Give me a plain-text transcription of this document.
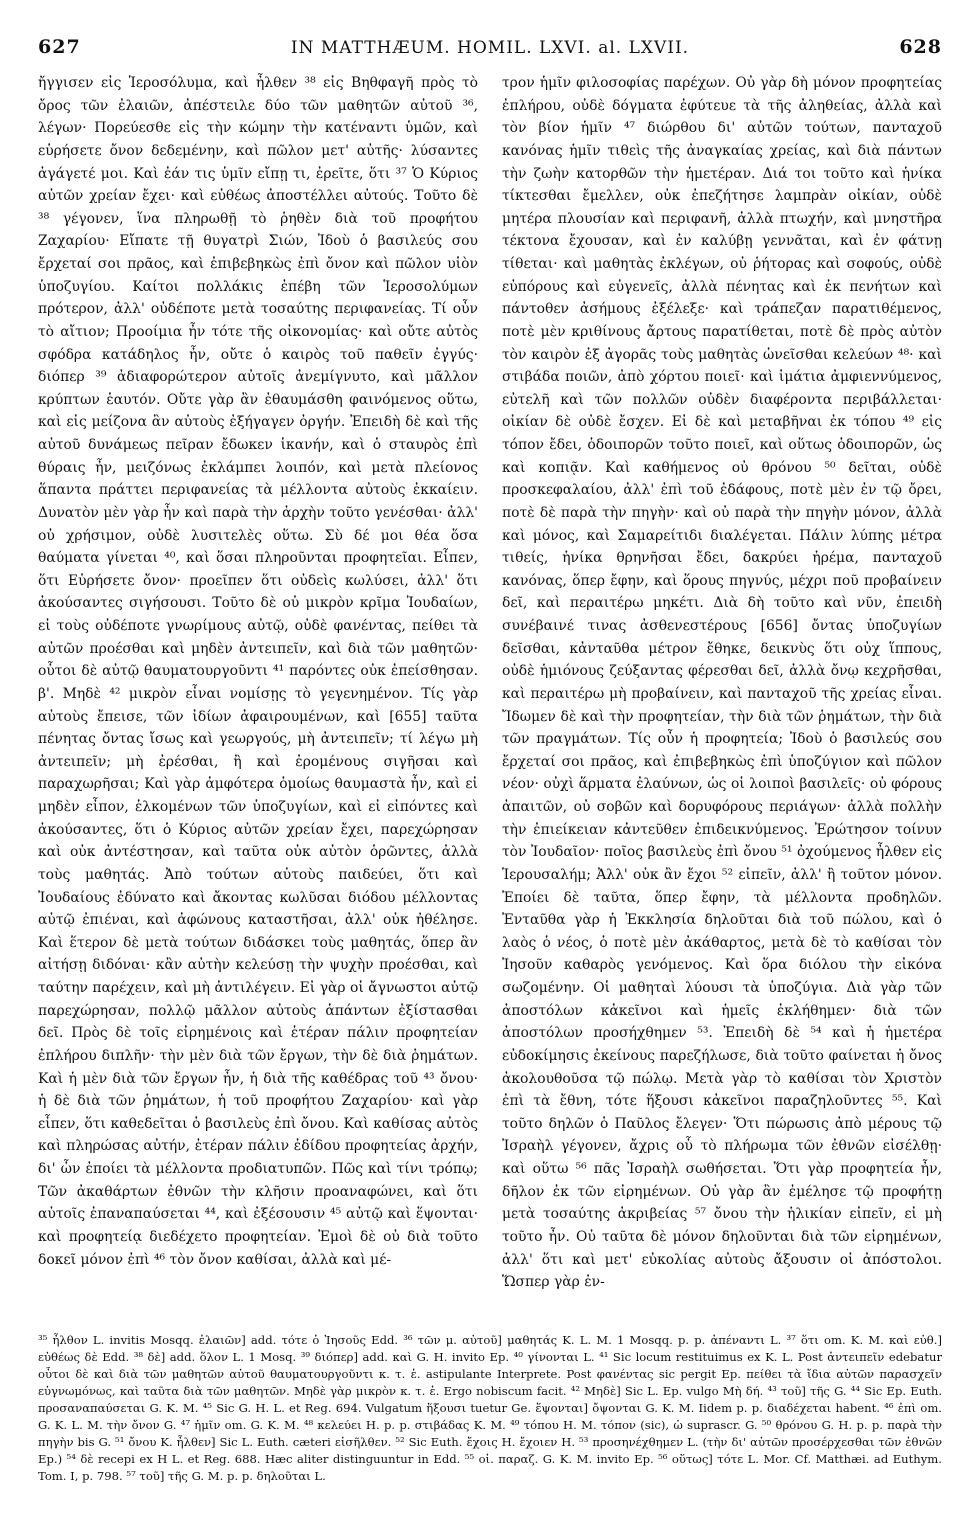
627	IN MATTHÆUM. HOMIL. LXVI. al. LXVII.	628

ἤγγισεν εἰς Ἱεροσόλυμα, καὶ ἦλθεν ³⁸ εἰς Βηθφαγῆ πρὸς τὸ ὄρος τῶν ἐλαιῶν, ἀπέστειλε δύο τῶν μαθητῶν αὐτοῦ ³⁶, λέγων· Πορεύεσθε εἰς τὴν κώμην τὴν κατέναντι ὑμῶν, καὶ εὑρήσετε ὄνον δεδεμένην, καὶ πῶλον μετ' αὐτῆς· λύσαντες ἀγάγετέ μοι. Καὶ ἐάν τις ὑμῖν εἴπῃ τι, ἐρεῖτε, ὅτι ³⁷ Ὁ Κύριος αὐτῶν χρείαν ἔχει· καὶ εὐθέως ἀποστέλλει αὐτούς. Τοῦτο δὲ ³⁸ γέγονεν, ἵνα πληρωθῇ τὸ ῥηθὲν διὰ τοῦ προφήτου Ζαχαρίου· Εἴπατε τῇ θυγατρὶ Σιών, Ἰδοὺ ὁ βασιλεύς σου ἔρχεταί σοι πρᾶος, καὶ ἐπιβεβηκὼς ἐπὶ ὄνον καὶ πῶλον υἱὸν ὑποζυγίου. Καίτοι πολλάκις ἐπέβη τῶν Ἱεροσολύμων πρότερον, ἀλλ' οὐδέποτε μετὰ τοσαύτης περιφανείας. Τί οὖν τὸ αἴτιον; Προοίμια ἦν τότε τῆς οἰκονομίας· καὶ οὔτε αὐτὸς σφόδρα κατάδηλος ἦν, οὔτε ὁ καιρὸς τοῦ παθεῖν ἐγγύς· διόπερ ³⁹ ἀδιαφορώτερον αὐτοῖς ἀνεμίγνυτο, καὶ μᾶλλον κρύπτων ἑαυτόν. Οὔτε γὰρ ἂν ἐθαυμάσθη φαινόμενος οὕτω, καὶ εἰς μείζονα ἂν αὐτοὺς ἐξήγαγεν ὀργήν. Ἐπειδὴ δὲ καὶ τῆς αὐτοῦ δυνάμεως πεῖραν ἔδωκεν ἱκανήν, καὶ ὁ σταυρὸς ἐπὶ θύραις ἦν, μειζόνως ἐκλάμπει λοιπόν, καὶ μετὰ πλείονος ἅπαντα πράττει περιφανείας τὰ μέλλοντα αὐτοὺς ἐκκαίειν. Δυνατὸν μὲν γὰρ ἦν καὶ παρὰ τὴν ἀρχὴν τοῦτο γενέσθαι· ἀλλ' οὐ χρήσιμον, οὐδὲ λυσιτελὲς οὕτω. Σὺ δέ μοι θέα ὅσα θαύματα γίνεται ⁴⁰, καὶ ὅσαι πληροῦνται προφητεῖαι. Εἶπεν, ὅτι Εὑρήσετε ὄνον· προεῖπεν ὅτι οὐδεὶς κωλύσει, ἀλλ' ὅτι ἀκούσαντες σιγήσουσι. Τοῦτο δὲ οὐ μικρὸν κρῖμα Ἰουδαίων, εἰ τοὺς οὐδέποτε γνωρίμους αὐτῷ, οὐδὲ φανέντας, πείθει τὰ αὐτῶν προέσθαι καὶ μηδὲν ἀντειπεῖν, καὶ διὰ τῶν μαθητῶν· οὗτοι δὲ αὐτῷ θαυματουργοῦντι ⁴¹ παρόντες οὐκ ἐπείσθησαν. β'. Μηδὲ ⁴² μικρὸν εἶναι νομίσῃς τὸ γεγενημένον. Τίς γὰρ αὐτοὺς ἔπεισε, τῶν ἰδίων ἀφαιρουμένων, καὶ [655] ταῦτα πένητας ὄντας ἴσως καὶ γεωργούς, μὴ ἀντειπεῖν; τί λέγω μὴ ἀντειπεῖν; μὴ ἐρέσθαι, ἢ καὶ ἐρομένους σιγῆσαι καὶ παραχωρῆσαι; Καὶ γὰρ ἀμφότερα ὁμοίως θαυμαστὰ ἦν, καὶ εἰ μηδὲν εἶπον, ἑλκομένων τῶν ὑποζυγίων, καὶ εἰ εἰπόντες καὶ ἀκούσαντες, ὅτι ὁ Κύριος αὐτῶν χρείαν ἔχει, παρεχώρησαν καὶ οὐκ ἀντέστησαν, καὶ ταῦτα οὐκ αὐτὸν ὁρῶντες, ἀλλὰ τοὺς μαθητάς. Ἀπὸ τούτων αὐτοὺς παιδεύει, ὅτι καὶ Ἰουδαίους ἐδύνατο καὶ ἄκοντας κωλῦσαι διόδου μέλλοντας αὐτῷ ἐπιέναι, καὶ ἀφώνους καταστῆσαι, ἀλλ' οὐκ ἠθέλησε. Καὶ ἕτερον δὲ μετὰ τούτων διδάσκει τοὺς μαθητάς, ὅπερ ἂν αἰτήσῃ διδόναι· κἂν αὐτὴν κελεύσῃ τὴν ψυχὴν προέσθαι, καὶ ταύτην παρέχειν, καὶ μὴ ἀντιλέγειν. Εἰ γὰρ οἱ ἄγνωστοι αὐτῷ παρεχώρησαν, πολλῷ μᾶλλον αὐτοὺς ἁπάντων ἐξίστασθαι δεῖ. Πρὸς δὲ τοῖς εἰρημένοις καὶ ἑτέραν πάλιν προφητείαν ἐπλήρου διπλῆν· τὴν μὲν διὰ τῶν ἔργων, τὴν δὲ διὰ ῥημάτων. Καὶ ἡ μὲν διὰ τῶν ἔργων ἦν, ἡ διὰ τῆς καθέδρας τοῦ ⁴³ ὄνου· ἡ δὲ διὰ τῶν ῥημάτων, ἡ τοῦ προφήτου Ζαχαρίου· καὶ γὰρ εἶπεν, ὅτι καθεδεῖται ὁ βασιλεὺς ἐπὶ ὄνου. Καὶ καθίσας αὐτὸς καὶ πληρώσας αὐτήν, ἑτέραν πάλιν ἐδίδου προφητείας ἀρχήν, δι' ὧν ἐποίει τὰ μέλλοντα προδιατυπῶν. Πῶς καὶ τίνι τρόπῳ; Τῶν ἀκαθάρτων ἐθνῶν τὴν κλῆσιν προαναφώνει, καὶ ὅτι αὐτοῖς ἐπαναπαύσεται ⁴⁴, καὶ ἐξέσουσιν ⁴⁵ αὐτῷ καὶ ἕψονται· καὶ προφητείᾳ διεδέχετο προφητείαν. Ἐμοὶ δὲ οὐ διὰ τοῦτο δοκεῖ μόνον ἐπὶ ⁴⁶ τὸν ὄνον καθίσαι, ἀλλὰ καὶ μέ-

τρον ἡμῖν φιλοσοφίας παρέχων. Οὐ γὰρ δὴ μόνον προφητείας ἐπλήρου, οὐδὲ δόγματα ἐφύτευε τὰ τῆς ἀληθείας, ἀλλὰ καὶ τὸν βίον ἡμῖν ⁴⁷ διώρθου δι' αὐτῶν τούτων, πανταχοῦ κανόνας ἡμῖν τιθεὶς τῆς ἀναγκαίας χρείας, καὶ διὰ πάντων τὴν ζωὴν κατορθῶν τὴν ἡμετέραν. Διά τοι τοῦτο καὶ ἡνίκα τίκτεσθαι ἔμελλεν, οὐκ ἐπεζήτησε λαμπρὰν οἰκίαν, οὐδὲ μητέρα πλουσίαν καὶ περιφανῆ, ἀλλὰ πτωχήν, καὶ μνηστῆρα τέκτονα ἔχουσαν, καὶ ἐν καλύβῃ γεννᾶται, καὶ ἐν φάτνῃ τίθεται· καὶ μαθητὰς ἐκλέγων, οὐ ῥήτορας καὶ σοφούς, οὐδὲ εὐπόρους καὶ εὐγενεῖς, ἀλλὰ πένητας καὶ ἐκ πενήτων καὶ πάντοθεν ἀσήμους ἐξέλεξε· καὶ τράπεζαν παρατιθέμενος, ποτὲ μὲν κριθίνους ἄρτους παρατίθεται, ποτὲ δὲ πρὸς αὐτὸν τὸν καιρὸν ἐξ ἀγορᾶς τοὺς μαθητὰς ὠνεῖσθαι κελεύων ⁴⁸· καὶ στιβάδα ποιῶν, ἀπὸ χόρτου ποιεῖ· καὶ ἱμάτια ἀμφιεννύμενος, εὐτελῆ καὶ τῶν πολλῶν οὐδὲν διαφέροντα περιβάλλεται· οἰκίαν δὲ οὐδὲ ἔσχεν. Εἰ δὲ καὶ μεταβῆναι ἐκ τόπου ⁴⁹ εἰς τόπον ἔδει, ὁδοιπορῶν τοῦτο ποιεῖ, καὶ οὕτως ὁδοιπορῶν, ὡς καὶ κοπιᾷν. Καὶ καθήμενος οὐ θρόνου ⁵⁰ δεῖται, οὐδὲ προσκεφαλαίου, ἀλλ' ἐπὶ τοῦ ἐδάφους, ποτὲ μὲν ἐν τῷ ὄρει, ποτὲ δὲ παρὰ τὴν πηγὴν· καὶ οὐ παρὰ τὴν πηγὴν μόνον, ἀλλὰ καὶ μόνος, καὶ Σαμαρείτιδι διαλέγεται. Πάλιν λύπης μέτρα τιθείς, ἡνίκα θρηνῆσαι ἔδει, δακρύει ἠρέμα, πανταχοῦ κανόνας, ὅπερ ἔφην, καὶ ὅρους πηγνύς, μέχρι ποῦ προβαίνειν δεῖ, καὶ περαιτέρω μηκέτι. Διὰ δὴ τοῦτο καὶ νῦν, ἐπειδὴ συνέβαινέ τινας ἀσθενεστέρους [656] ὄντας ὑποζυγίων δεῖσθαι, κἀνταῦθα μέτρον ἔθηκε, δεικνὺς ὅτι οὐχ ἵππους, οὐδὲ ἡμιόνους ζεύξαντας φέρεσθαι δεῖ, ἀλλὰ ὄνῳ κεχρῆσθαι, καὶ περαιτέρω μὴ προβαίνειν, καὶ πανταχοῦ τῆς χρείας εἶναι. Ἴδωμεν δὲ καὶ τὴν προφητείαν, τὴν διὰ τῶν ῥημάτων, τὴν διὰ τῶν πραγμάτων. Τίς οὖν ἡ προφητεία; Ἰδοὺ ὁ βασιλεύς σου ἔρχεταί σοι πρᾶος, καὶ ἐπιβεβηκὼς ἐπὶ ὑποζύγιον καὶ πῶλον νέον· οὐχὶ ἅρματα ἐλαύνων, ὡς οἱ λοιποὶ βασιλεῖς· οὐ φόρους ἀπαιτῶν, οὐ σοβῶν καὶ δορυφόρους περιάγων· ἀλλὰ πολλὴν τὴν ἐπιείκειαν κἀντεῦθεν ἐπιδεικνύμενος. Ἐρώτησον τοίνυν τὸν Ἰουδαῖον· ποῖος βασιλεὺς ἐπὶ ὄνου ⁵¹ ὀχούμενος ἦλθεν εἰς Ἱερουσαλήμ; Ἀλλ' οὐκ ἂν ἔχοι ⁵² εἰπεῖν, ἀλλ' ἢ τοῦτον μόνον. Ἐποίει δὲ ταῦτα, ὅπερ ἔφην, τὰ μέλλοντα προδηλῶν. Ἐνταῦθα γὰρ ἡ Ἐκκλησία δηλοῦται διὰ τοῦ πώλου, καὶ ὁ λαὸς ὁ νέος, ὁ ποτὲ μὲν ἀκάθαρτος, μετὰ δὲ τὸ καθίσαι τὸν Ἰησοῦν καθαρὸς γενόμενος. Καὶ ὅρα διόλου τὴν εἰκόνα σωζομένην. Οἱ μαθηταὶ λύουσι τὰ ὑποζύγια. Διὰ γὰρ τῶν ἀποστόλων κἀκεῖνοι καὶ ἡμεῖς ἐκλήθημεν· διὰ τῶν ἀποστόλων προσήχθημεν ⁵³. Ἐπειδὴ δὲ ⁵⁴ καὶ ἡ ἡμετέρα εὐδοκίμησις ἐκείνους παρεζήλωσε, διὰ τοῦτο φαίνεται ἡ ὄνος ἀκολουθοῦσα τῷ πώλῳ. Μετὰ γὰρ τὸ καθίσαι τὸν Χριστὸν ἐπὶ τὰ ἔθνη, τότε ἥξουσι κἀκεῖνοι παραζηλοῦντες ⁵⁵. Καὶ τοῦτο δηλῶν ὁ Παῦλος ἔλεγεν· Ὅτι πώρωσις ἀπὸ μέρους τῷ Ἰσραὴλ γέγονεν, ἄχρις οὗ τὸ πλήρωμα τῶν ἐθνῶν εἰσέλθῃ· καὶ οὕτω ⁵⁶ πᾶς Ἰσραὴλ σωθήσεται. Ὅτι γὰρ προφητεία ἦν, δῆλον ἐκ τῶν εἰρημένων. Οὐ γὰρ ἂν ἐμέλησε τῷ προφήτῃ μετὰ τοσαύτης ἀκριβείας ⁵⁷ ὄνου τὴν ἡλικίαν εἰπεῖν, εἰ μὴ τοῦτο ἦν. Οὐ ταῦτα δὲ μόνον δηλοῦνται διὰ τῶν εἰρημένων, ἀλλ' ὅτι καὶ μετ' εὐκολίας αὐτοὺς ἄξουσιν οἱ ἀπόστολοι. Ὥσπερ γὰρ ἐν-

³⁵ ἦλθον L. invitis Mosqq. ἐλαιῶν] add. τότε ὁ Ἰησοῦς Edd. ³⁶ τῶν μ. αὐτοῦ] μαθητάς K. L. M. 1 Mosqq. p. p. ἀπέναντι L. ³⁷ ὅτι om. K. M. καὶ εὐθ.] εὐθέως δὲ Edd. ³⁸ δὲ] add. ὅλον L. 1 Mosq. ³⁹ διόπερ] add. καὶ G. H. invito Ep. ⁴⁰ γίνονται L. ⁴¹ Sic locum restituimus ex K. L. Post ἀντειπεῖν edebatur οὗτοι δὲ καὶ διὰ τῶν μαθητῶν αὐτοῦ θαυματουργοῦντι κ. τ. ἑ. astipulante Interprete. Post φανέντας sic pergit Ep. πείθει τὰ ἴδια αὐτῶν παρασχεῖν εὐγνωμόνως, καὶ ταῦτα διὰ τῶν μαθητῶν. Μηδὲ γὰρ μικρὸν κ. τ. ἑ. Ergo nobiscum facit. ⁴² Μηδὲ] Sic L. Ep. vulgo Μὴ δή. ⁴³ τοῦ] τῆς G. ⁴⁴ Sic Ep. Euth. προσαναπαύσεται G. K. M. ⁴⁵ Sic G. H. L. et Reg. 694. Vulgatum ἥξουσι tuetur Ge. ἕψονται] ὄψονται G. K. M. Iidem p. p. διαδέχεται habent. ⁴⁶ ἐπὶ om. G. K. L. M. τὴν ὄνον G. ⁴⁷ ἡμῖν om. G. K. M. ⁴⁸ κελεύει H. p. p. στιβάδας K. M. ⁴⁹ τόπου H. M. τόπον (sic), ὡ suprascr. G. ⁵⁰ θρόνου G. H. p. p. παρὰ τὴν πηγὴν bis G. ⁵¹ ὄνου K. ἦλθεν] Sic L. Euth. cæteri εἰσῆλθεν. ⁵² Sic Euth. ἔχοις H. ἔχοιεν H. ⁵³ προσηνέχθημεν L. (τὴν δι' αὐτῶν προσέρχεσθαι τῶν ἐθνῶν Ep.) ⁵⁴ δὲ recepi ex H L. et Reg. 688. Hæc aliter distinguuntur in Edd. ⁵⁵ οἱ. παραζ. G. K. M. invito Ep. ⁵⁶ οὕτως] τότε L. Mor. Cf. Matthæi. ad Euthym. Tom. I, p. 798. ⁵⁷ τοῦ] τῆς G. M. p. p. δηλοῦται L.
